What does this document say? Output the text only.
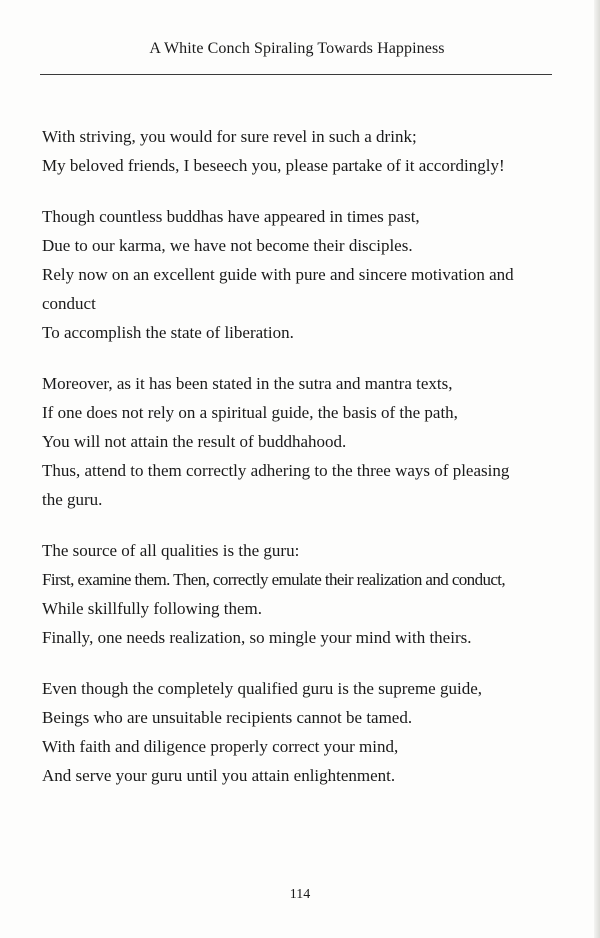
A White Conch Spiraling Towards Happiness
With striving, you would for sure revel in such a drink;
My beloved friends, I beseech you, please partake of it accordingly!
Though countless buddhas have appeared in times past,
Due to our karma, we have not become their disciples.
Rely now on an excellent guide with pure and sincere motivation and
conduct
To accomplish the state of liberation.
Moreover, as it has been stated in the sutra and mantra texts,
If one does not rely on a spiritual guide, the basis of the path,
You will not attain the result of buddhahood.
Thus, attend to them correctly adhering to the three ways of pleasing
the guru.
The source of all qualities is the guru:
First, examine them. Then, correctly emulate their realization and conduct,
While skillfully following them.
Finally, one needs realization, so mingle your mind with theirs.
Even though the completely qualified guru is the supreme guide,
Beings who are unsuitable recipients cannot be tamed.
With faith and diligence properly correct your mind,
And serve your guru until you attain enlightenment.
114
